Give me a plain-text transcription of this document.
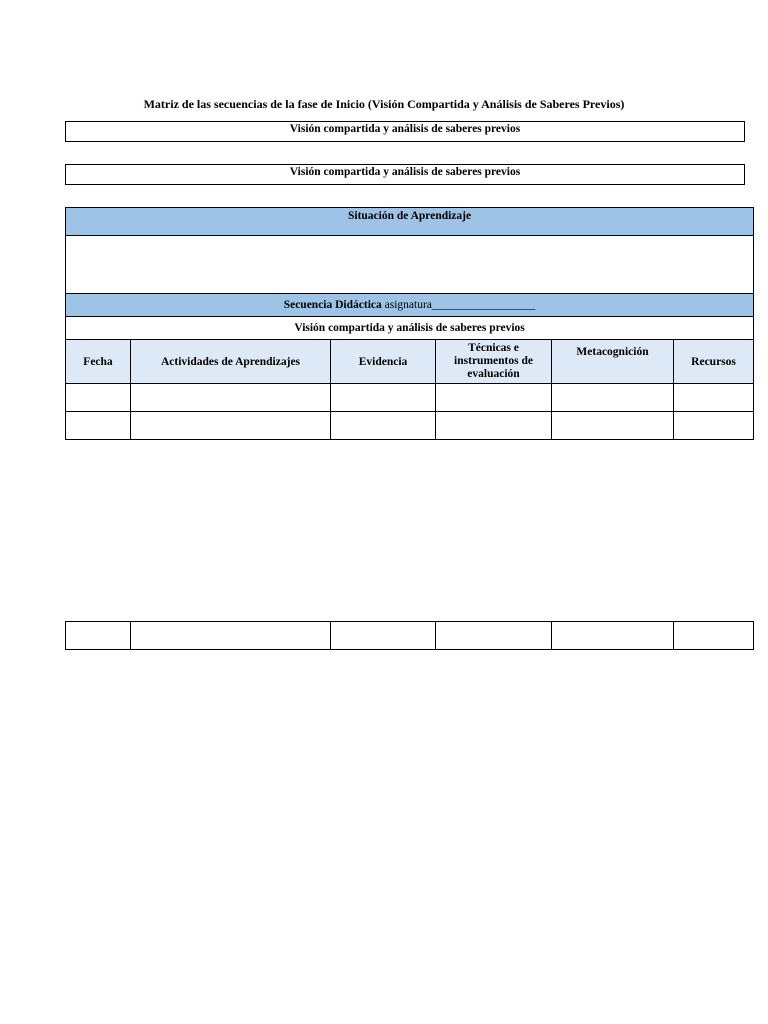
Matriz de las secuencias de la fase de Inicio (Visión Compartida y Análisis de Saberes Previos)
Visión compartida y análisis de saberes previos
Visión compartida y análisis de saberes previos
Situación de Aprendizaje					

Secuencia Didáctica asignatura__________________					
Visión compartida y análisis de saberes previos					
Fecha	Actividades de Aprendizajes	Evidencia	Técnicas e instrumentos de evaluación	Metacognición	Recursos
